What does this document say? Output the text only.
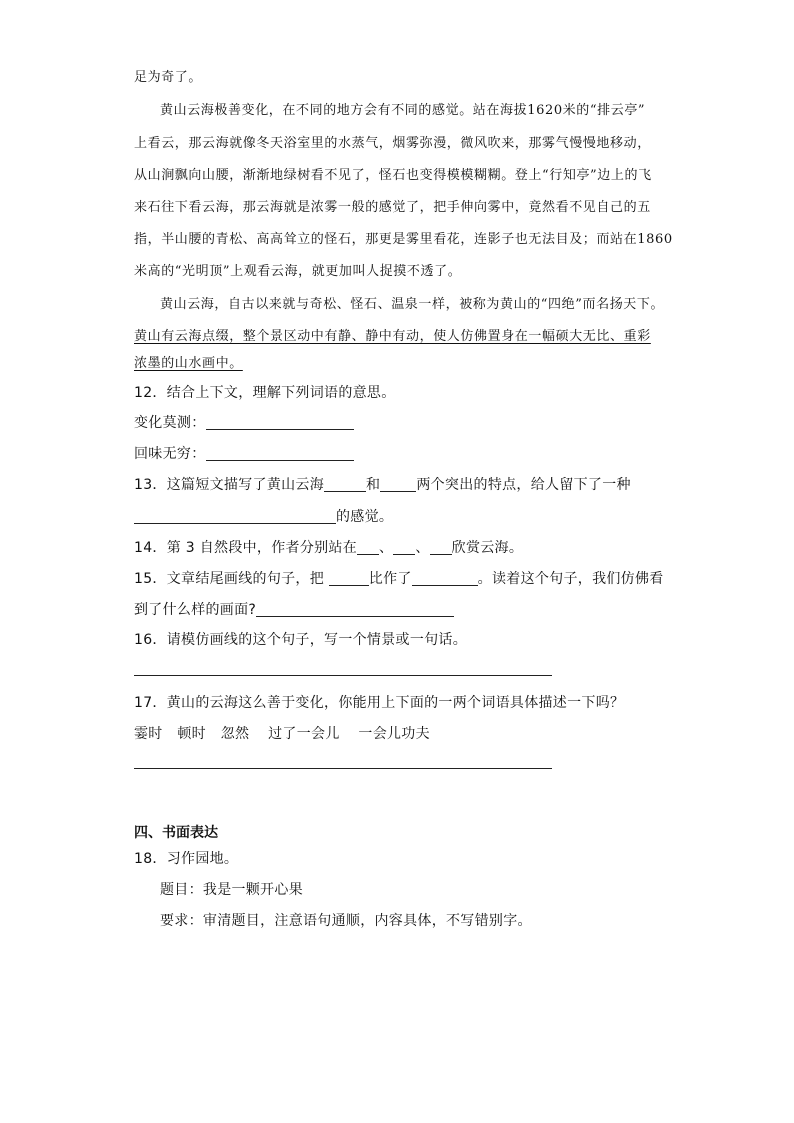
足为奇了。
黄山云海极善变化，在不同的地方会有不同的感觉。站在海拔1620米的“排云亭”
上看云，那云海就像冬天浴室里的水蒸气，烟雾弥漫，微风吹来，那雾气慢慢地移动，
从山涧飘向山腰，渐渐地绿树看不见了，怪石也变得模模糊糊。登上“行知亭”边上的飞
来石往下看云海，那云海就是浓雾一般的感觉了，把手伸向雾中，竟然看不见自己的五
指，半山腰的青松、高高耸立的怪石，那更是雾里看花，连影子也无法目及；而站在1860
米高的“光明顶”上观看云海，就更加叫人捉摸不透了。
黄山云海，自古以来就与奇松、怪石、温泉一样，被称为黄山的“四绝”而名扬天下。
黄山有云海点缀，整个景区动中有静、静中有动，使人仿佛置身在一幅硕大无比、重彩
浓墨的山水画中。
12．结合上下文，理解下列词语的意思。
变化莫测：
回味无穷：
13．这篇短文描写了黄山云海	和	两个突出的特点，给人留下了一种
的感觉。
14．第 3 自然段中，作者分别站在 、 、 欣赏云海。
15．文章结尾画线的句子，把	比作了	。读着这个句子，我们仿佛看
到了什么样的画面?
16．请模仿画线的这个句子，写一个情景或一句话。
17．黄山的云海这么善于变化，你能用上下面的一两个词语具体描述一下吗？
霎时 顿时 忽然 过了一会儿 一会儿功夫
四、书面表达
18．习作园地。
题目：我是一颗开心果
要求：审清题目，注意语句通顺，内容具体，不写错别字。
